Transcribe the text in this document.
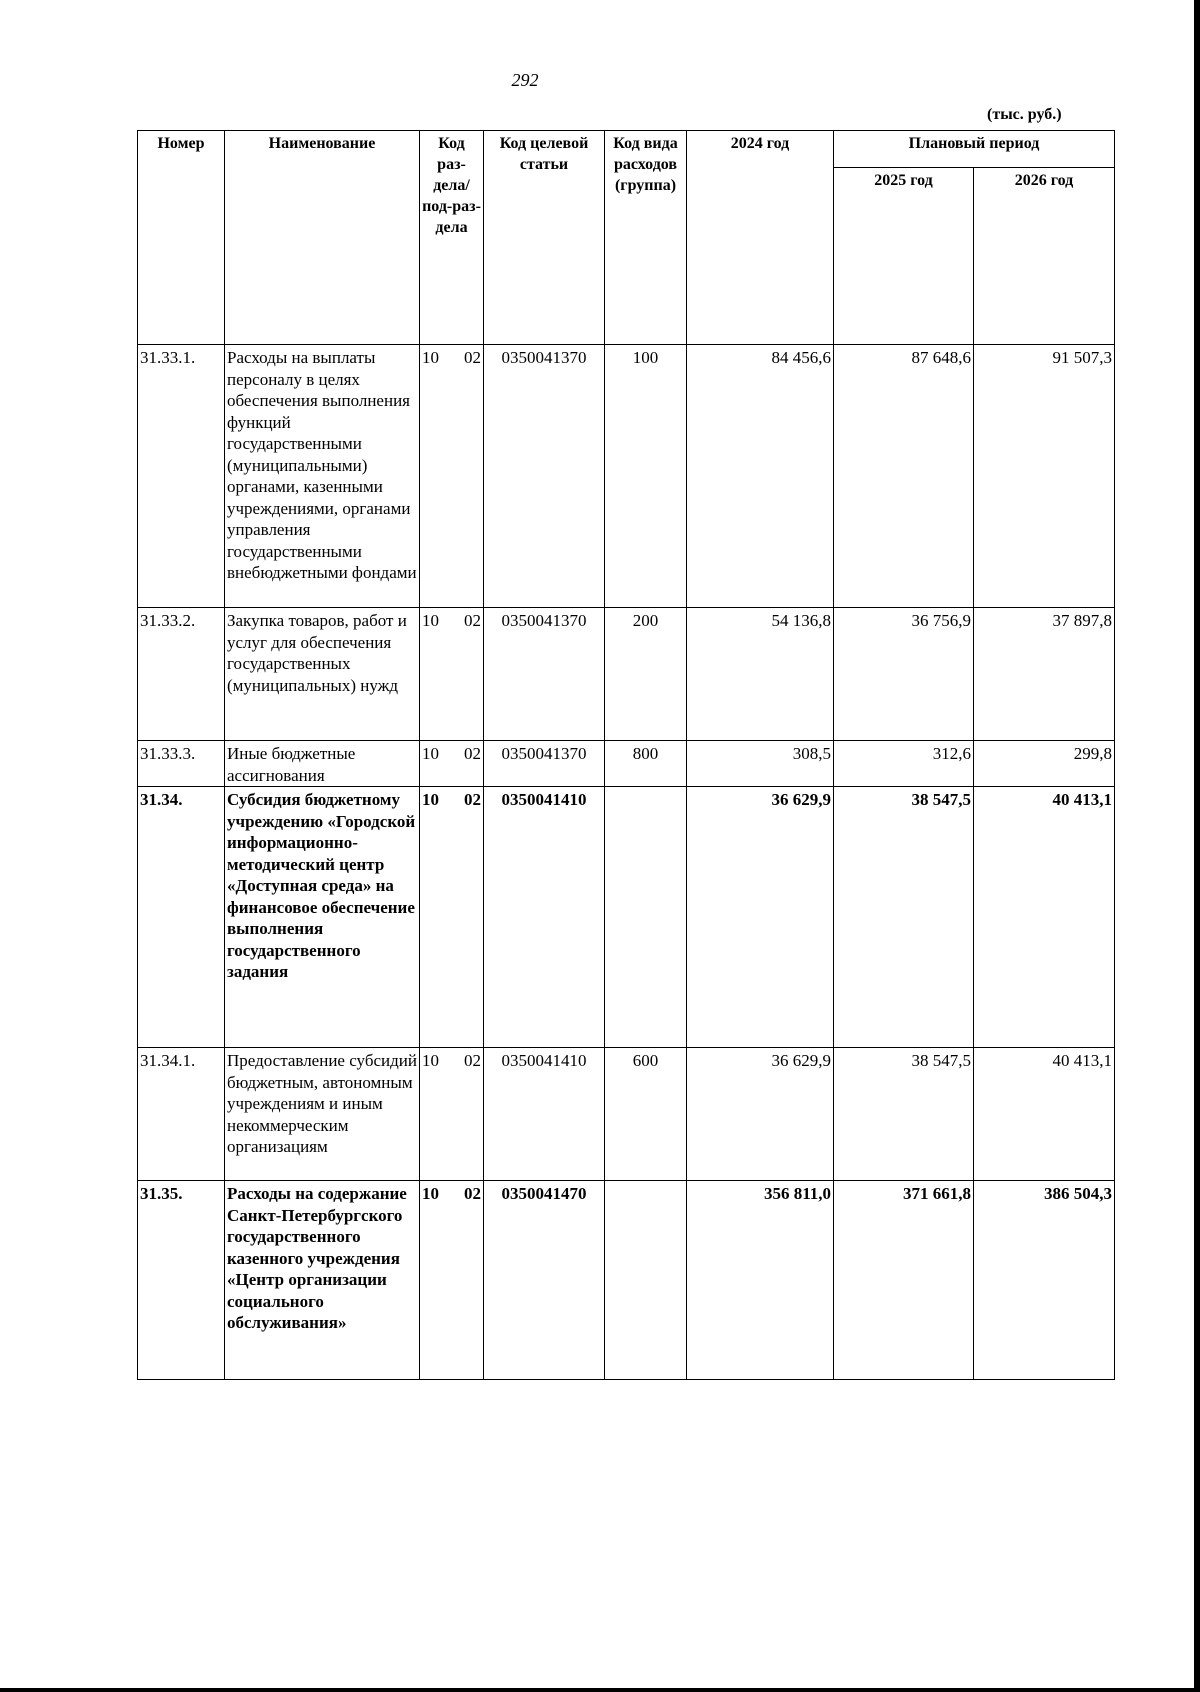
292
(тыс. руб.)
Номер	Наименование	Код раз-дела/ под-раз-дела	Код целевой статьи	Код вида расходов (группа)	2024 год	Плановый период	
						2025 год	2026 год
31.33.1.	Расходы на выплаты персоналу в целях обеспечения выполнения функций государственными (муниципальными) органами, казенными учреждениями, органами управления государственными внебюджетными фондами	10 02	0350041370	100	84 456,6	87 648,6	91 507,3
31.33.2.	Закупка товаров, работ и услуг для обеспечения государственных (муниципальных) нужд	10 02	0350041370	200	54 136,8	36 756,9	37 897,8
31.33.3.	Иные бюджетные ассигнования	10 02	0350041370	800	308,5	312,6	299,8
31.34.	Субсидия бюджетному учреждению «Городской информационно-методический центр «Доступная среда» на финансовое обеспечение выполнения государственного задания	10 02	0350041410		36 629,9	38 547,5	40 413,1
31.34.1.	Предоставление субсидий бюджетным, автономным учреждениям и иным некоммерческим организациям	10 02	0350041410	600	36 629,9	38 547,5	40 413,1
31.35.	Расходы на содержание Санкт-Петербургского государственного казенного учреждения «Центр организации социального обслуживания»	10 02	0350041470		356 811,0	371 661,8	386 504,3
